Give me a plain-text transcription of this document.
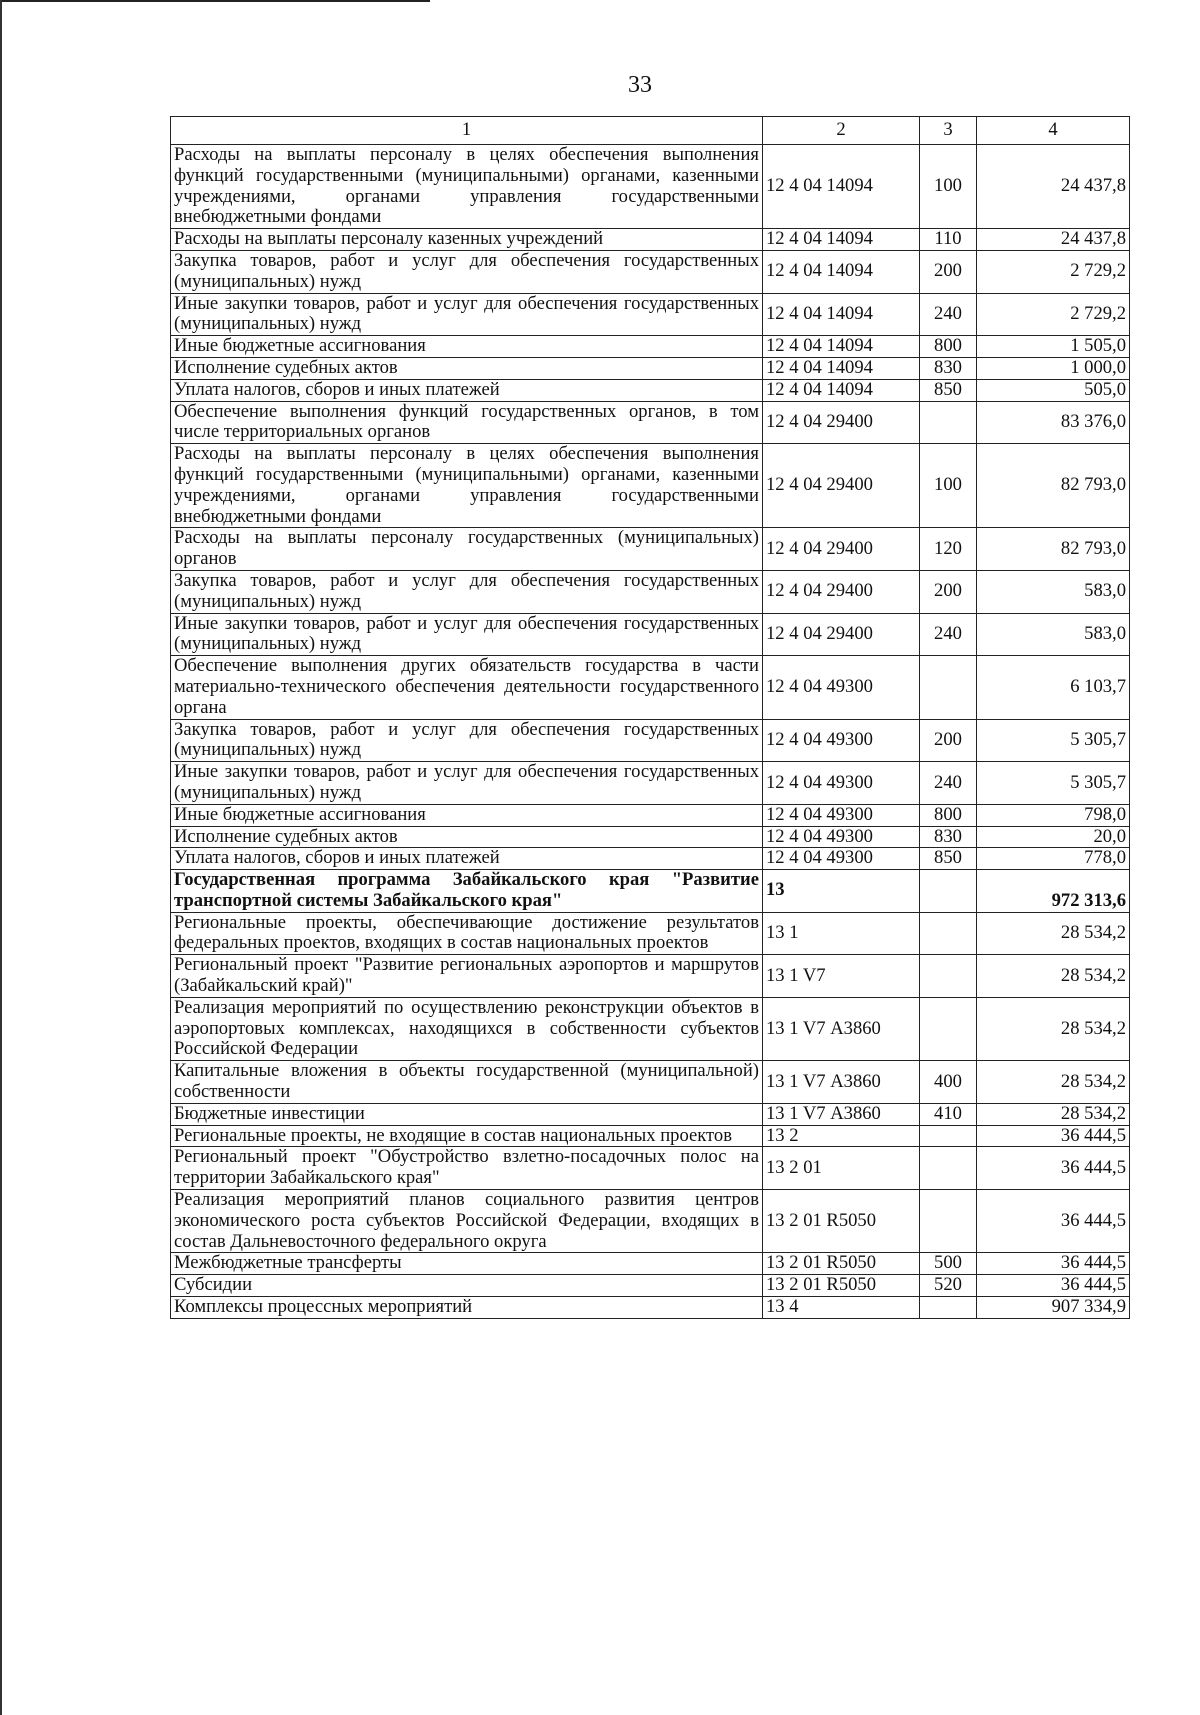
33
1	2	3	4
Расходы на выплаты персоналу в целях обеспечения выполнения функций государственными (муниципальными) органами, казенными учреждениями, органами управления государственными внебюджетными фондами	12 4 04 14094	100	24 437,8
Расходы на выплаты персоналу казенных учреждений	12 4 04 14094	110	24 437,8
Закупка товаров, работ и услуг для обеспечения государственных (муниципальных) нужд	12 4 04 14094	200	2 729,2
Иные закупки товаров, работ и услуг для обеспечения государственных (муниципальных) нужд	12 4 04 14094	240	2 729,2
Иные бюджетные ассигнования	12 4 04 14094	800	1 505,0
Исполнение судебных актов	12 4 04 14094	830	1 000,0
Уплата налогов, сборов и иных платежей	12 4 04 14094	850	505,0
Обеспечение выполнения функций государственных органов, в том числе территориальных органов	12 4 04 29400		83 376,0
Расходы на выплаты персоналу в целях обеспечения выполнения функций государственными (муниципальными) органами, казенными учреждениями, органами управления государственными внебюджетными фондами	12 4 04 29400	100	82 793,0
Расходы на выплаты персоналу государственных (муниципальных) органов	12 4 04 29400	120	82 793,0
Закупка товаров, работ и услуг для обеспечения государственных (муниципальных) нужд	12 4 04 29400	200	583,0
Иные закупки товаров, работ и услуг для обеспечения государственных (муниципальных) нужд	12 4 04 29400	240	583,0
Обеспечение выполнения других обязательств государства в части материально-технического обеспечения деятельности государственного органа	12 4 04 49300		6 103,7
Закупка товаров, работ и услуг для обеспечения государственных (муниципальных) нужд	12 4 04 49300	200	5 305,7
Иные закупки товаров, работ и услуг для обеспечения государственных (муниципальных) нужд	12 4 04 49300	240	5 305,7
Иные бюджетные ассигнования	12 4 04 49300	800	798,0
Исполнение судебных актов	12 4 04 49300	830	20,0
Уплата налогов, сборов и иных платежей	12 4 04 49300	850	778,0
Государственная программа Забайкальского края "Развитие транспортной системы Забайкальского края"	13		972 313,6
Региональные проекты, обеспечивающие достижение результатов федеральных проектов, входящих в состав национальных проектов	13 1		28 534,2
Региональный проект "Развитие региональных аэропортов и маршрутов (Забайкальский край)"	13 1 V7		28 534,2
Реализация мероприятий по осуществлению реконструкции объектов в аэропортовых комплексах, находящихся в собственности субъектов Российской Федерации	13 1 V7 А3860		28 534,2
Капитальные вложения в объекты государственной (муниципальной) собственности	13 1 V7 А3860	400	28 534,2
Бюджетные инвестиции	13 1 V7 А3860	410	28 534,2
Региональные проекты, не входящие в состав национальных проектов	13 2		36 444,5
Региональный проект "Обустройство взлетно-посадочных полос на территории Забайкальского края"	13 2 01		36 444,5
Реализация мероприятий планов социального развития центров экономического роста субъектов Российской Федерации, входящих в состав Дальневосточного федерального округа	13 2 01 R5050		36 444,5
Межбюджетные трансферты	13 2 01 R5050	500	36 444,5
Субсидии	13 2 01 R5050	520	36 444,5
Комплексы процессных мероприятий	13 4		907 334,9
